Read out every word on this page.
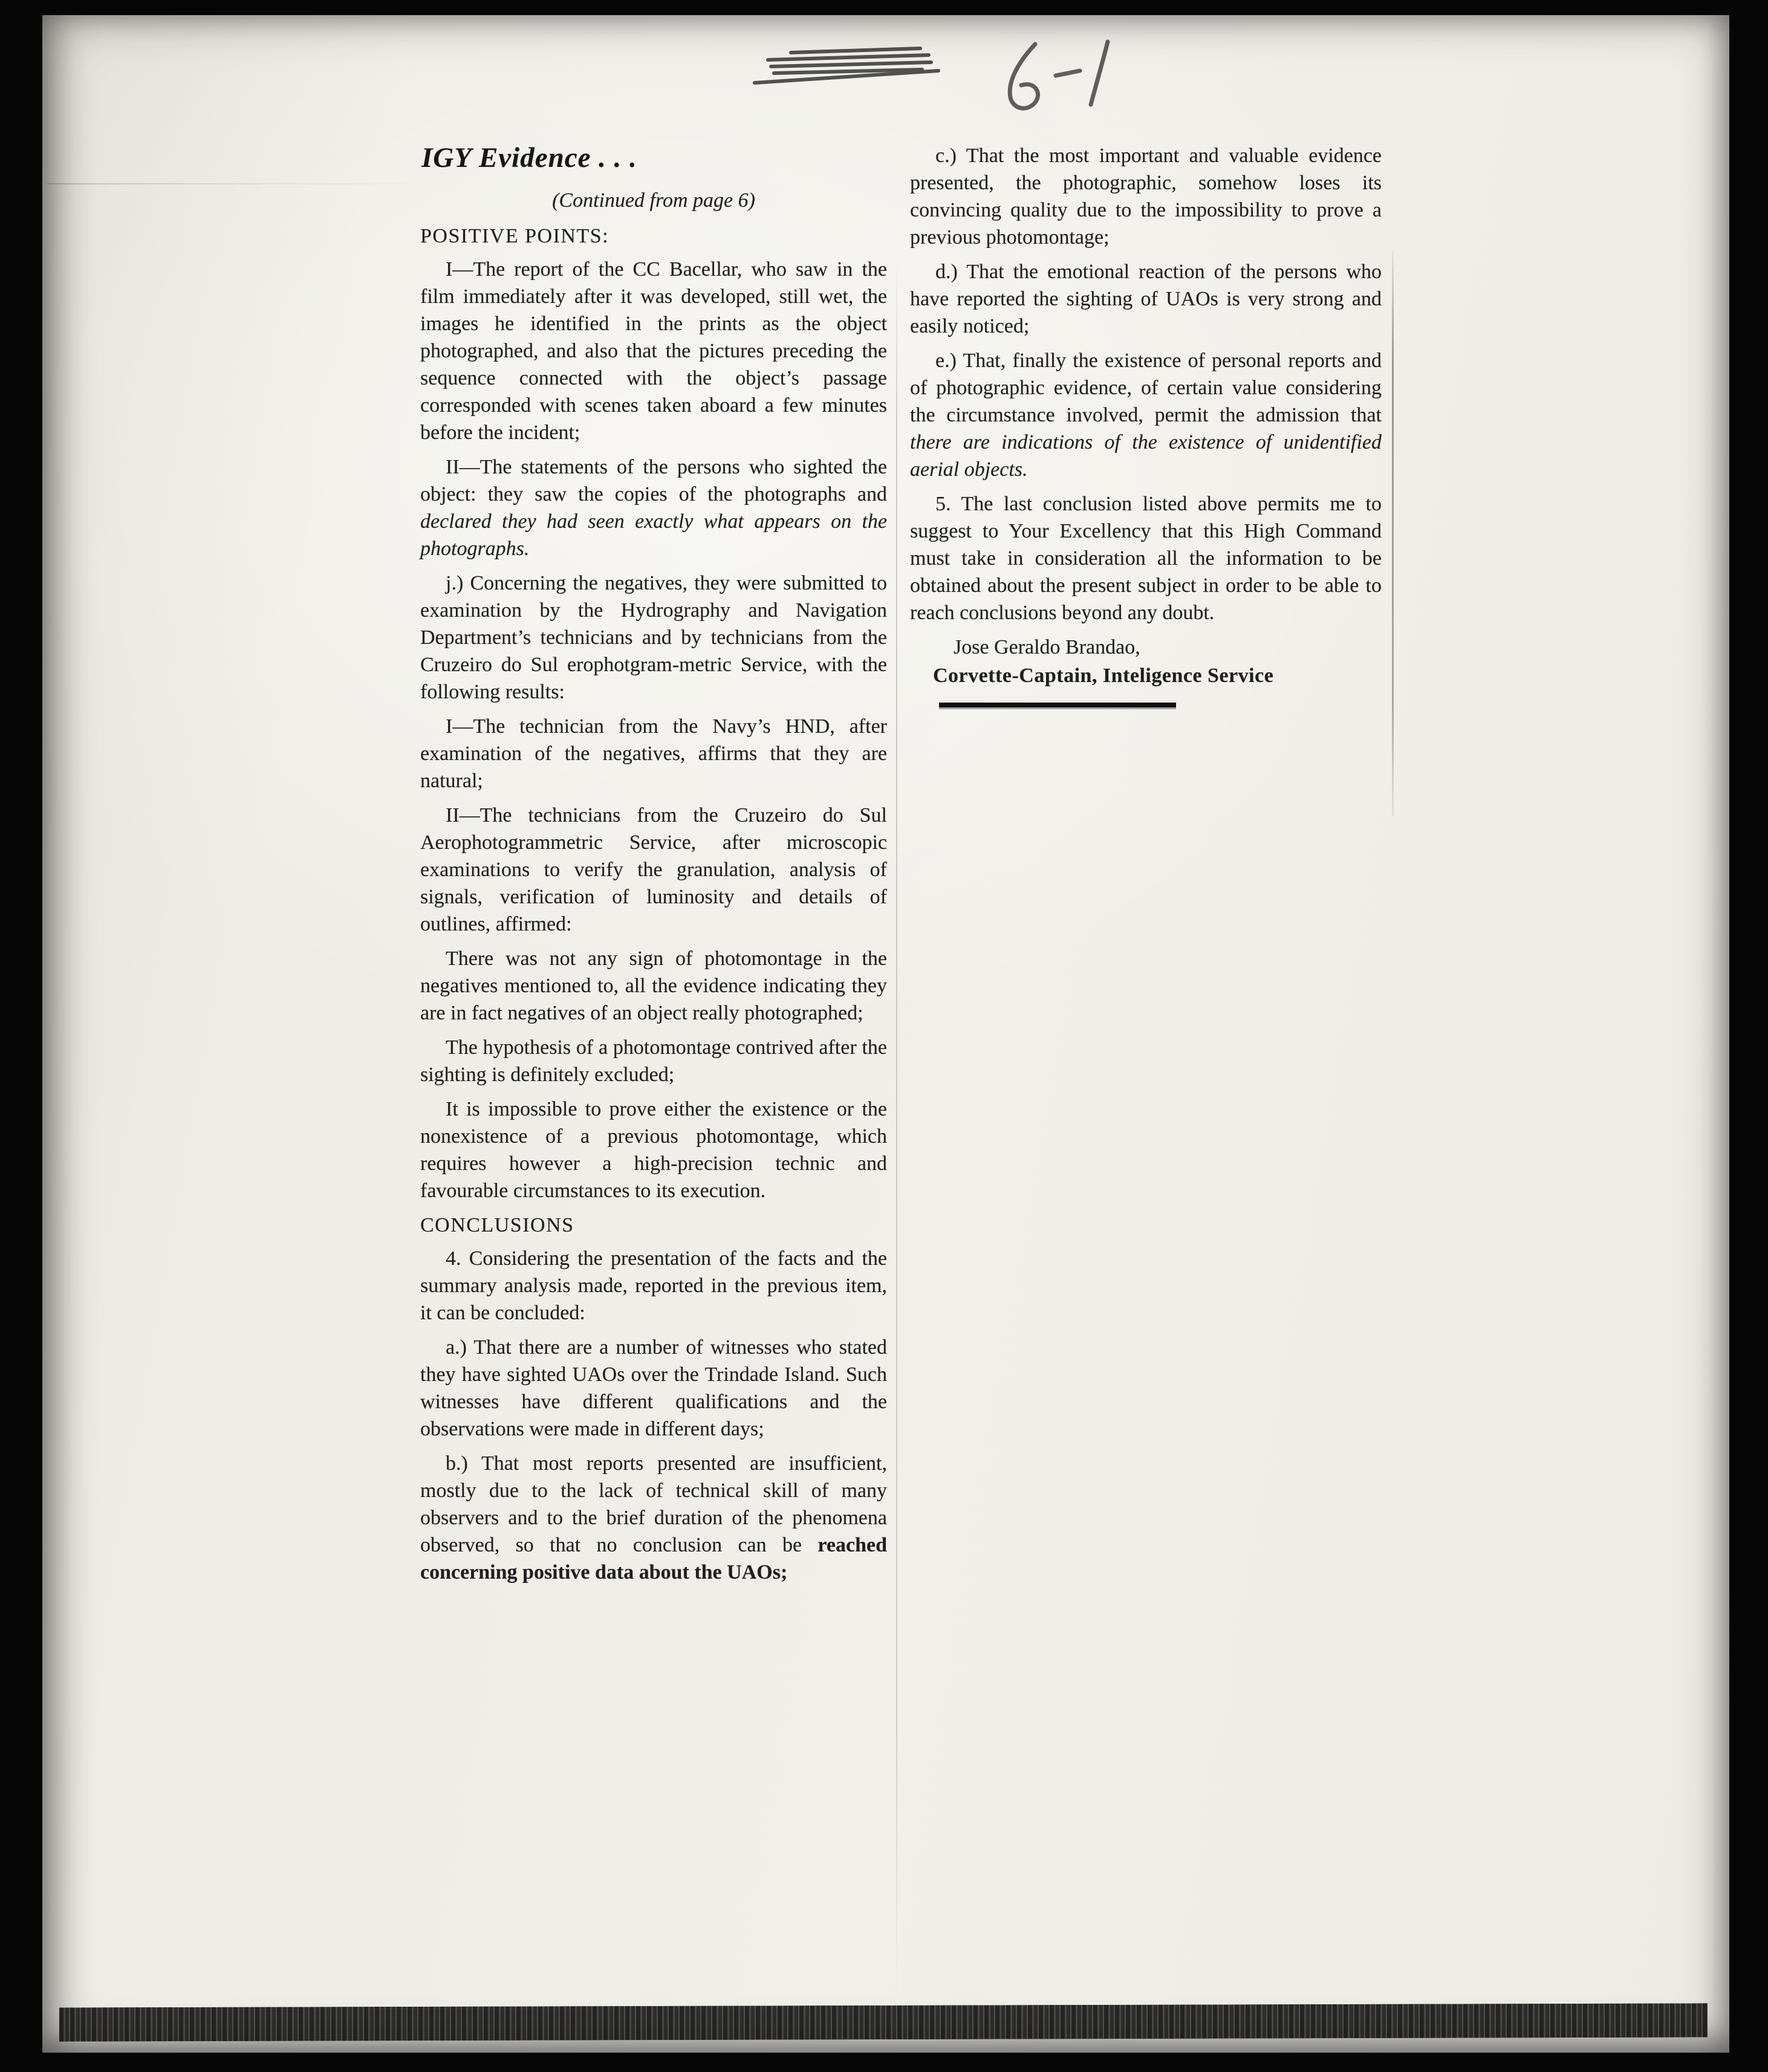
IGY Evidence . . .

(Continued from page 6)

POSITIVE POINTS:

I—The report of the CC Bacellar, who saw in the film immediately after it was developed, still wet, the images he identified in the prints as the object photographed, and also that the pictures preceding the sequence connected with the object’s passage corresponded with scenes taken aboard a few minutes before the incident;

II—The statements of the persons who sighted the object: they saw the copies of the photographs and declared they had seen exactly what appears on the photographs.

j.) Concerning the negatives, they were submitted to examination by the Hydrography and Navigation Department’s technicians and by technicians from the Cruzeiro do Sul erophotgram-metric Service, with the following results:

I—The technician from the Navy’s HND, after examination of the negatives, affirms that they are natural;

II—The technicians from the Cruzeiro do Sul Aerophotogrammetric Service, after microscopic examinations to verify the granulation, analysis of signals, verification of luminosity and details of outlines, affirmed:

There was not any sign of photomontage in the negatives mentioned to, all the evidence indicating they are in fact negatives of an object really photographed;

The hypothesis of a photomontage contrived after the sighting is definitely excluded;

It is impossible to prove either the existence or the nonexistence of a previous photomontage, which requires however a high-precision technic and favourable circumstances to its execution.

CONCLUSIONS

4. Considering the presentation of the facts and the summary analysis made, reported in the previous item, it can be concluded:

a.) That there are a number of witnesses who stated they have sighted UAOs over the Trindade Island. Such witnesses have different qualifications and the observations were made in different days;

b.) That most reports presented are insufficient, mostly due to the lack of technical skill of many observers and to the brief duration of the phenomena observed, so that no conclusion can be reached concerning positive data about the UAOs;

c.) That the most important and valuable evidence presented, the photographic, somehow loses its convincing quality due to the impossibility to prove a previous photomontage;

d.) That the emotional reaction of the persons who have reported the sighting of UAOs is very strong and easily noticed;

e.) That, finally the existence of personal reports and of photographic evidence, of certain value considering the circumstance involved, permit the admission that there are indications of the existence of unidentified aerial objects.

5. The last conclusion listed above permits me to suggest to Your Excellency that this High Command must take in consideration all the information to be obtained about the present subject in order to be able to reach conclusions beyond any doubt.

Jose Geraldo Brandao,

Corvette-Captain, Inteligence Service
